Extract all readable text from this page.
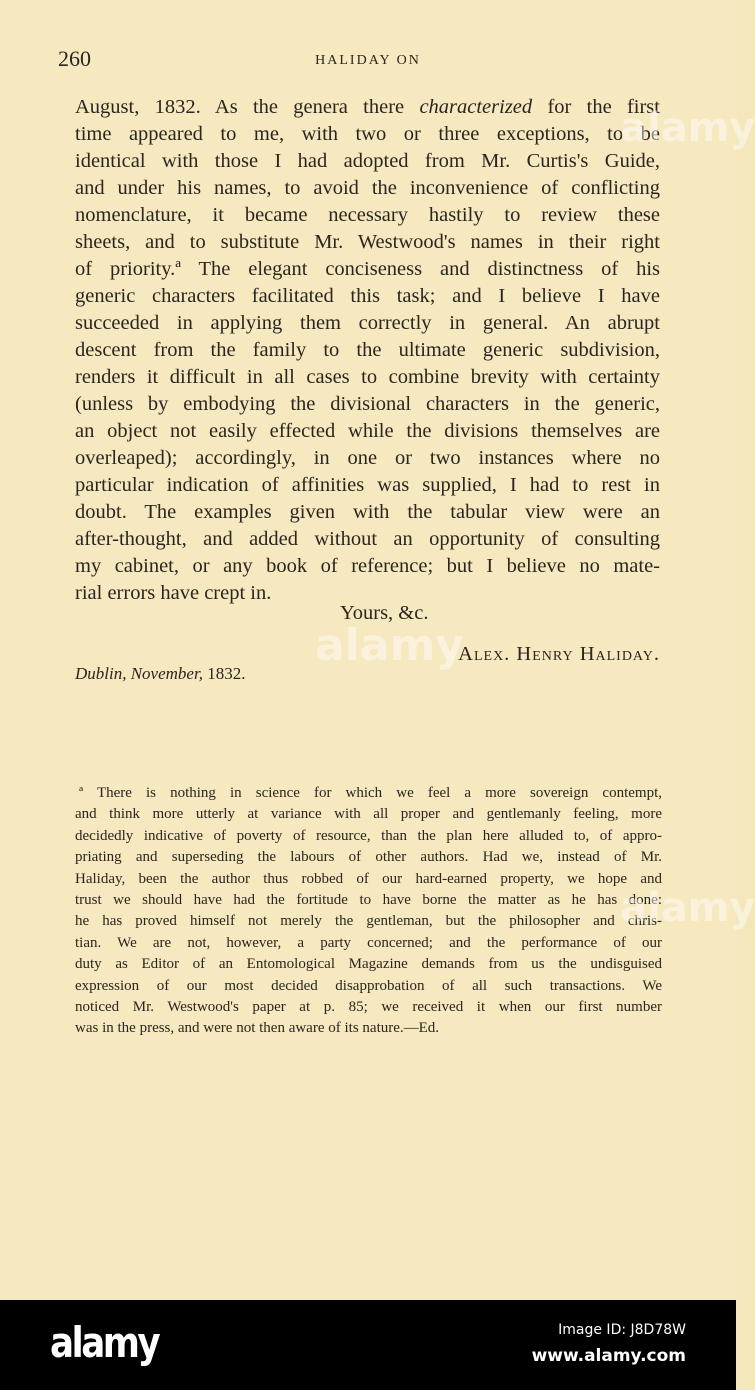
260	HALIDAY ON
August, 1832. As the genera there characterized for the first
time appeared to me, with two or three exceptions, to be
identical with those I had adopted from Mr. Curtis's Guide,
and under his names, to avoid the inconvenience of conflicting
nomenclature, it became necessary hastily to review these
sheets, and to substitute Mr. Westwood's names in their right
of priority.ª The elegant conciseness and distinctness of his
generic characters facilitated this task; and I believe I have
succeeded in applying them correctly in general. An abrupt
descent from the family to the ultimate generic subdivision,
renders it difficult in all cases to combine brevity with certainty
(unless by embodying the divisional characters in the generic,
an object not easily effected while the divisions themselves are
overleaped); accordingly, in one or two instances where no
particular indication of affinities was supplied, I had to rest in
doubt. The examples given with the tabular view were an
after-thought, and added without an opportunity of consulting
my cabinet, or any book of reference; but I believe no mate-
rial errors have crept in.
Yours, &c.
Alex. Henry Haliday.
Dublin, November, 1832.
ª There is nothing in science for which we feel a more sovereign contempt,
and think more utterly at variance with all proper and gentlemanly feeling, more
decidedly indicative of poverty of resource, than the plan here alluded to, of appro-
priating and superseding the labours of other authors. Had we, instead of Mr.
Haliday, been the author thus robbed of our hard-earned property, we hope and
trust we should have had the fortitude to have borne the matter as he has done:
he has proved himself not merely the gentleman, but the philosopher and chris-
tian. We are not, however, a party concerned; and the performance of our
duty as Editor of an Entomological Magazine demands from us the undisguised
expression of our most decided disapprobation of all such transactions. We
noticed Mr. Westwood's paper at p. 85; we received it when our first number
was in the press, and were not then aware of its nature.—Ed.
alamy
alamy
alamy
alamy	Image ID: J8D78W
www.alamy.com
